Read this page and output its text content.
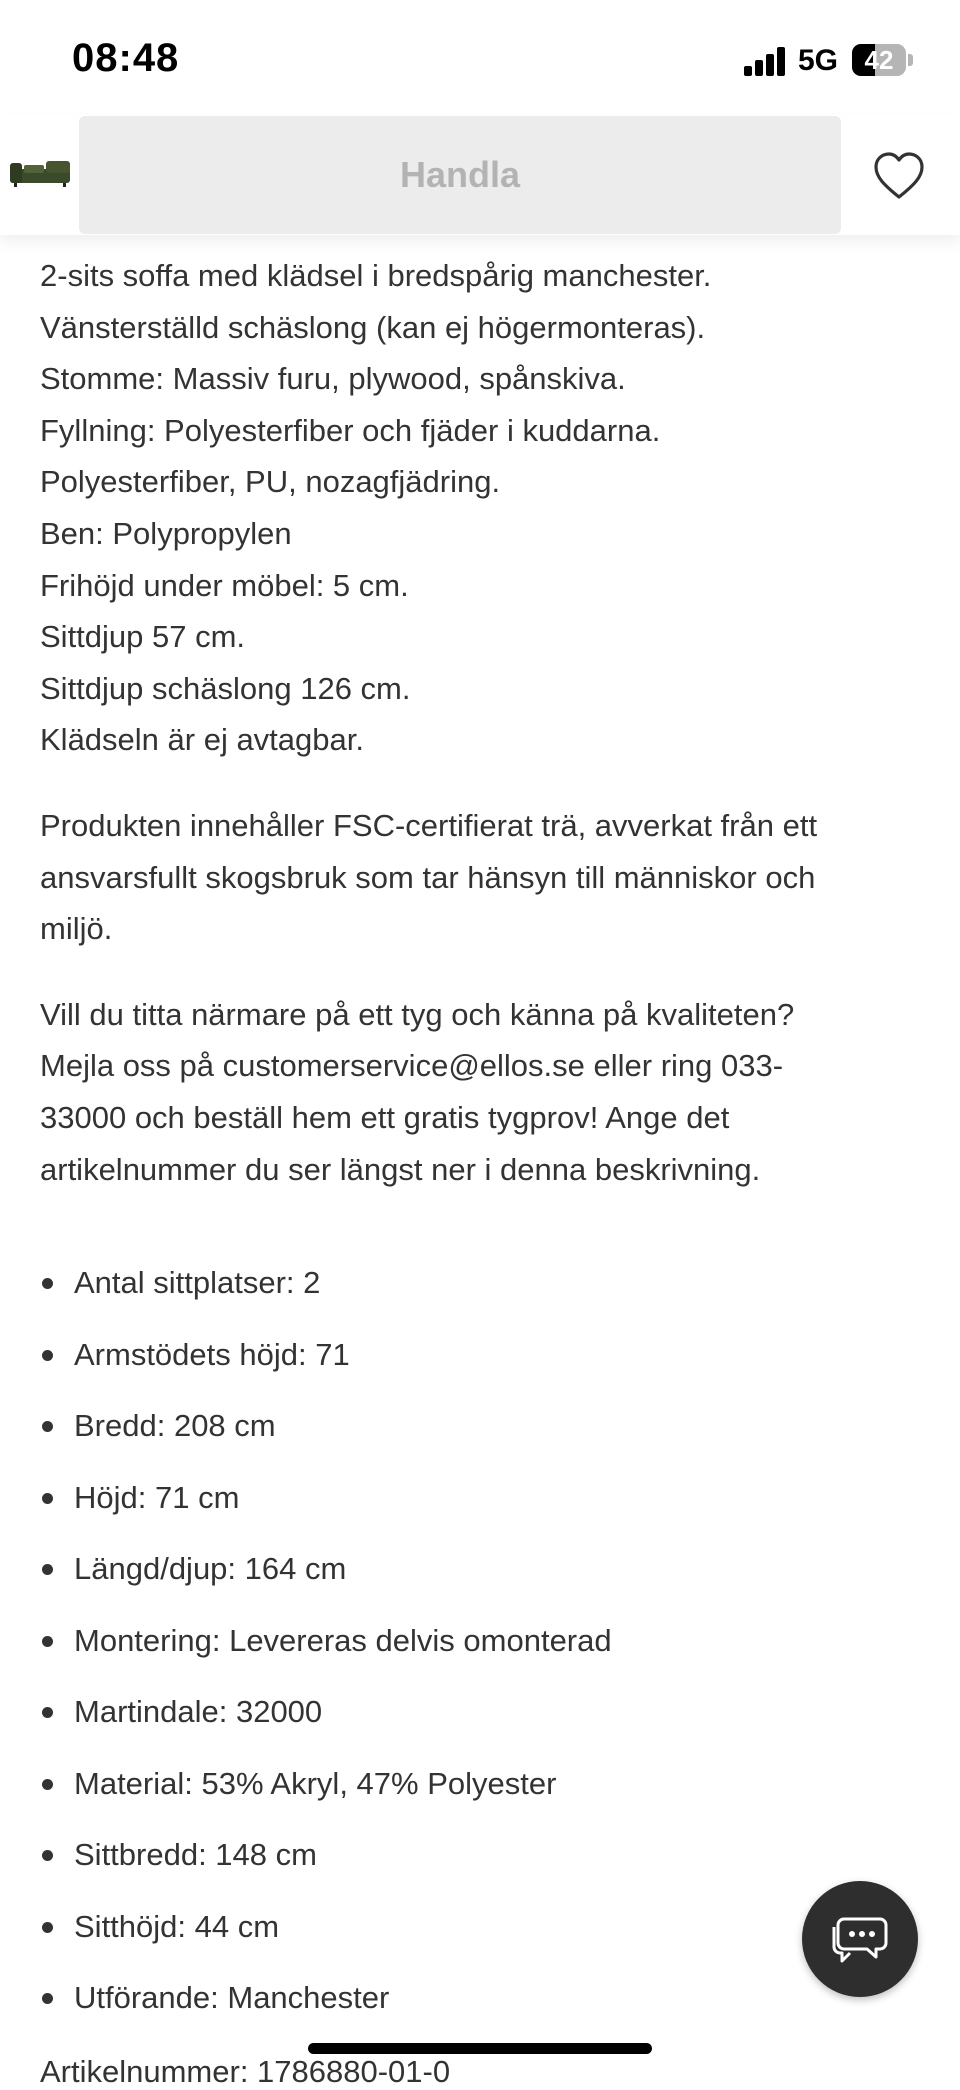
08:48	5G	42
Handla

2-sits soffa med klädsel i bredspårig manchester.

Vänsterställd schäslong (kan ej högermonteras).

Stomme: Massiv furu, plywood, spånskiva.

Fyllning: Polyesterfiber och fjäder i kuddarna.

Polyesterfiber, PU, nozagfjädring.

Ben: Polypropylen

Frihöjd under möbel: 5 cm.

Sittdjup 57 cm.

Sittdjup schäslong 126 cm.

Klädseln är ej avtagbar.

Produkten innehåller FSC-certifierat trä, avverkat från ett

ansvarsfullt skogsbruk som tar hänsyn till människor och

miljö.

Vill du titta närmare på ett tyg och känna på kvaliteten?

Mejla oss på customerservice@ellos.se eller ring 033-

33000 och beställ hem ett gratis tygprov! Ange det

artikelnummer du ser längst ner i denna beskrivning.

Antal sittplatser: 2
Armstödets höjd: 71
Bredd: 208 cm
Höjd: 71 cm
Längd/djup: 164 cm
Montering: Levereras delvis omonterad
Martindale: 32000
Material: 53% Akryl, 47% Polyester
Sittbredd: 148 cm
Sitthöjd: 44 cm
Utförande: Manchester
Artikelnummer: 1786880-01-0
